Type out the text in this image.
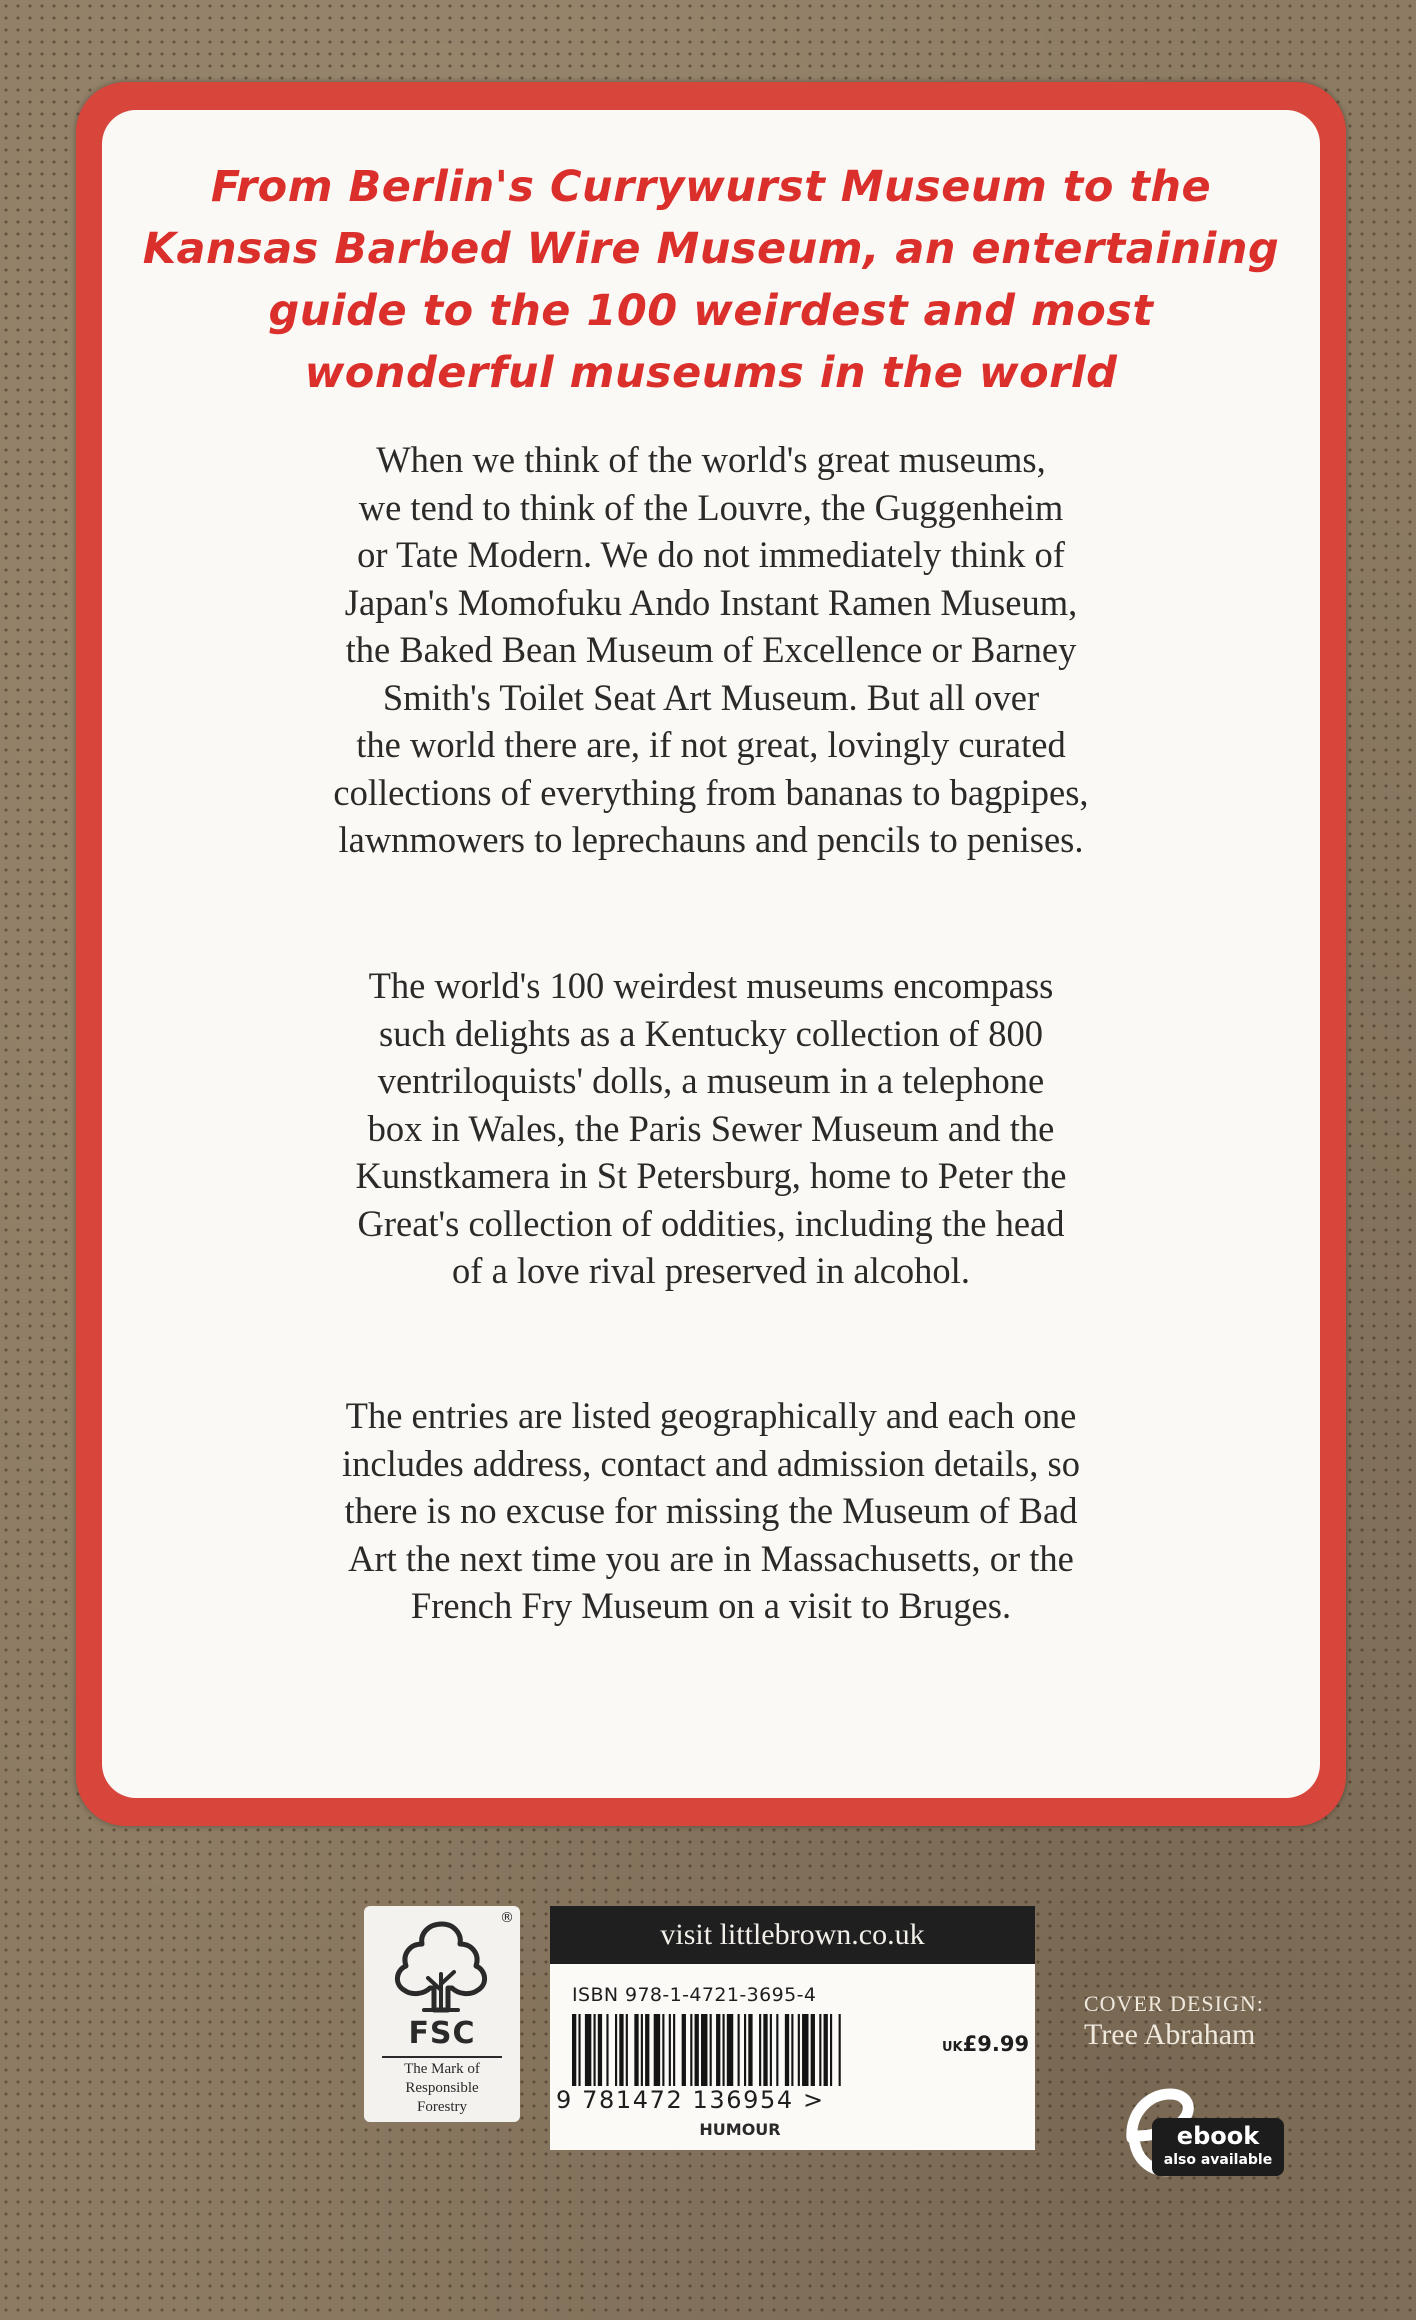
From Berlin's Currywurst Museum to the
Kansas Barbed Wire Museum, an entertaining
guide to the 100 weirdest and most
wonderful museums in the world

When we think of the world's great museums,
we tend to think of the Louvre, the Guggenheim
or Tate Modern. We do not immediately think of
Japan's Momofuku Ando Instant Ramen Museum,
the Baked Bean Museum of Excellence or Barney
Smith's Toilet Seat Art Museum. But all over
the world there are, if not great, lovingly curated
collections of everything from bananas to bagpipes,
lawnmowers to leprechauns and pencils to penises.

The world's 100 weirdest museums encompass
such delights as a Kentucky collection of 800
ventriloquists' dolls, a museum in a telephone
box in Wales, the Paris Sewer Museum and the
Kunstkamera in St Petersburg, home to Peter the
Great's collection of oddities, including the head
of a love rival preserved in alcohol.

The entries are listed geographically and each one
includes address, contact and admission details, so
there is no excuse for missing the Museum of Bad
Art the next time you are in Massachusetts, or the
French Fry Museum on a visit to Bruges.

®
FSC
The Mark of
Responsible
Forestry
visit littlebrown.co.uk
ISBN 978-1-4721-3695-4
UK£9.99
9 781472 136954 >
HUMOUR
COVER DESIGN:
Tree Abraham
ebook
also available
